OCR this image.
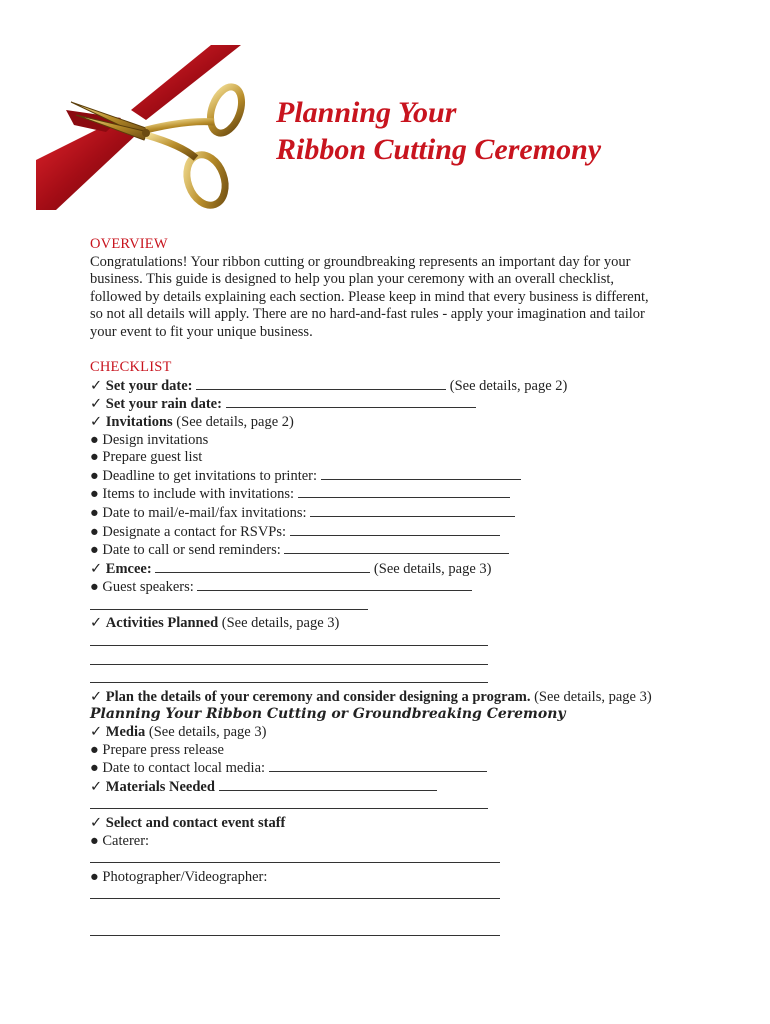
Planning Your
Ribbon Cutting Ceremony
OVERVIEW
Congratulations! Your ribbon cutting or groundbreaking represents an important day for your
business. This guide is designed to help you plan your ceremony with an overall checklist,
followed by details explaining each section. Please keep in mind that every business is different,
so not all details will apply. There are no hard-and-fast rules - apply your imagination and tailor
your event to fit your unique business.
CHECKLIST
✓ Set your date:	(See details, page 2)
✓ Set your rain date:
✓ Invitations (See details, page 2)
● Design invitations
● Prepare guest list
● Deadline to get invitations to printer:
● Items to include with invitations:
● Date to mail/e-mail/fax invitations:
● Designate a contact for RSVPs:
● Date to call or send reminders:
✓ Emcee:	(See details, page 3)
● Guest speakers:
✓ Activities Planned (See details, page 3)
✓ Plan the details of your ceremony and consider designing a program. (See details, page 3)
Planning Your Ribbon Cutting or Groundbreaking Ceremony
✓ Media (See details, page 3)
● Prepare press release
● Date to contact local media:
✓ Materials Needed
✓ Select and contact event staff
● Caterer:
● Photographer/Videographer:
